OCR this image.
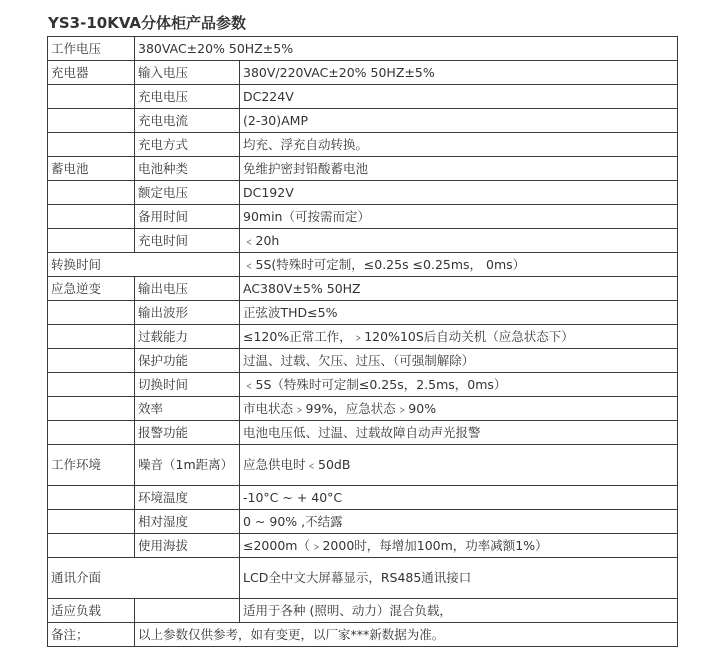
YS3-10KVA分体柜产品参数
工作电压	380VAC±20% 50HZ±5%	
充电器	输入电压	380V/220VAC±20% 50HZ±5%
	充电电压	DC224V
	充电电流	(2-30)AMP
	充电方式	均充、浮充自动转换。
蓄电池	电池种类	免维护密封铅酸蓄电池
	额定电压	DC192V
	备用时间	90min（可按需而定）
	充电时间	﹤20h
转换时间		﹤5S(特殊时可定制，≤0.25s ≤0.25ms， 0ms）
应急逆变	输出电压	AC380V±5% 50HZ
	输出波形	正弦波THD≤5%
	过载能力	≤120%正常工作，﹥120%10S后自动关机（应急状态下）
	保护功能	过温、过载、欠压、过压、（可强制解除）
	切换时间	﹤5S（特殊时可定制≤0.25s，2.5ms，0ms）
	效率	市电状态﹥99%，应急状态﹥90%
	报警功能	电池电压低、过温、过载故障自动声光报警
工作环境	噪音（1m距离）	应急供电时﹤50dB
	环境温度	-10°C ~ + 40°C
	相对湿度	0 ~ 90% ,不结露
	使用海拔	≤2000m（﹥2000时，每增加100m，功率减额1%）
通讯介面		LCD全中文大屏幕显示，RS485通讯接口
适应负载		适用于各种 (照明、动力）混合负载，
备注；	以上参数仅供参考，如有变更，以厂家***新数据为准。	
